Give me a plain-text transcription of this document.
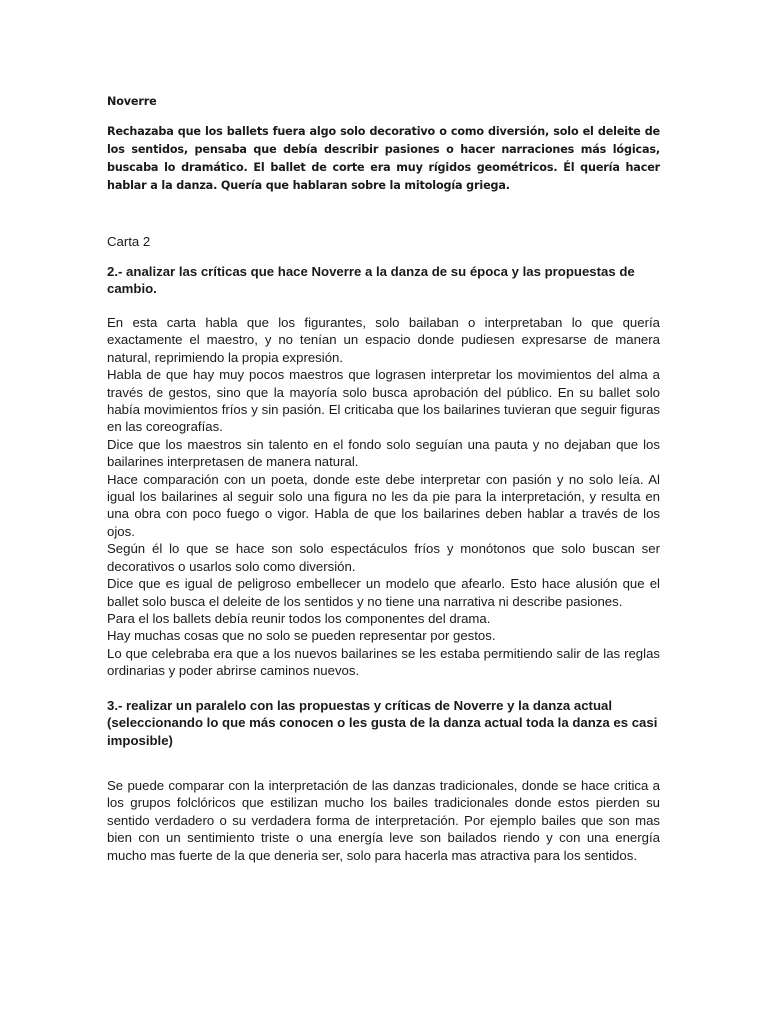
Noverre

Rechazaba que los ballets fuera algo solo decorativo o como diversión, solo el deleite de los sentidos, pensaba que debía describir pasiones o hacer narraciones más lógicas, buscaba lo dramático. El ballet de corte era muy rígidos geométricos. Él quería hacer hablar a la danza. Quería que hablaran sobre la mitología griega.

Carta 2

2.- analizar las críticas que hace Noverre a la danza de su época y las propuestas de cambio.

En esta carta habla que los figurantes, solo bailaban o interpretaban lo que quería exactamente el maestro, y no tenían un espacio donde pudiesen expresarse de manera natural, reprimiendo la propia expresión.

Habla de que hay muy pocos maestros que lograsen interpretar los movimientos del alma a través de gestos, sino que la mayoría solo busca aprobación del público. En su ballet solo había movimientos fríos y sin pasión. El criticaba que los bailarines tuvieran que seguir figuras en las coreografías.

Dice que los maestros sin talento en el fondo solo seguían una pauta y no dejaban que los bailarines interpretasen de manera natural.

Hace comparación con un poeta, donde este debe interpretar con pasión y no solo leía. Al igual los bailarines al seguir solo una figura no les da pie para la interpretación, y resulta en una obra con poco fuego o vigor. Habla de que los bailarines deben hablar a través de los ojos.

Según él lo que se hace son solo espectáculos fríos y monótonos que solo buscan ser decorativos o usarlos solo como diversión.

Dice que es igual de peligroso embellecer un modelo que afearlo. Esto hace alusión que el ballet solo busca el deleite de los sentidos y no tiene una narrativa ni describe pasiones.

Para el los ballets debía reunir todos los componentes del drama.

Hay muchas cosas que no solo se pueden representar por gestos.

Lo que celebraba era que a los nuevos bailarines se les estaba permitiendo salir de las reglas ordinarias y poder abrirse caminos nuevos.

3.- realizar un paralelo con las propuestas y críticas de Noverre y la danza actual (seleccionando lo que más conocen o les gusta de la danza actual toda la danza es casi imposible)

Se puede comparar con la interpretación de las danzas tradicionales, donde se hace critica a los grupos folclóricos que estilizan mucho los bailes tradicionales donde estos pierden su sentido verdadero o su verdadera forma de interpretación. Por ejemplo bailes que son mas bien con un sentimiento triste o una energía leve son bailados riendo y con una energía mucho mas fuerte de la que deneria ser, solo para hacerla mas atractiva para los sentidos.
